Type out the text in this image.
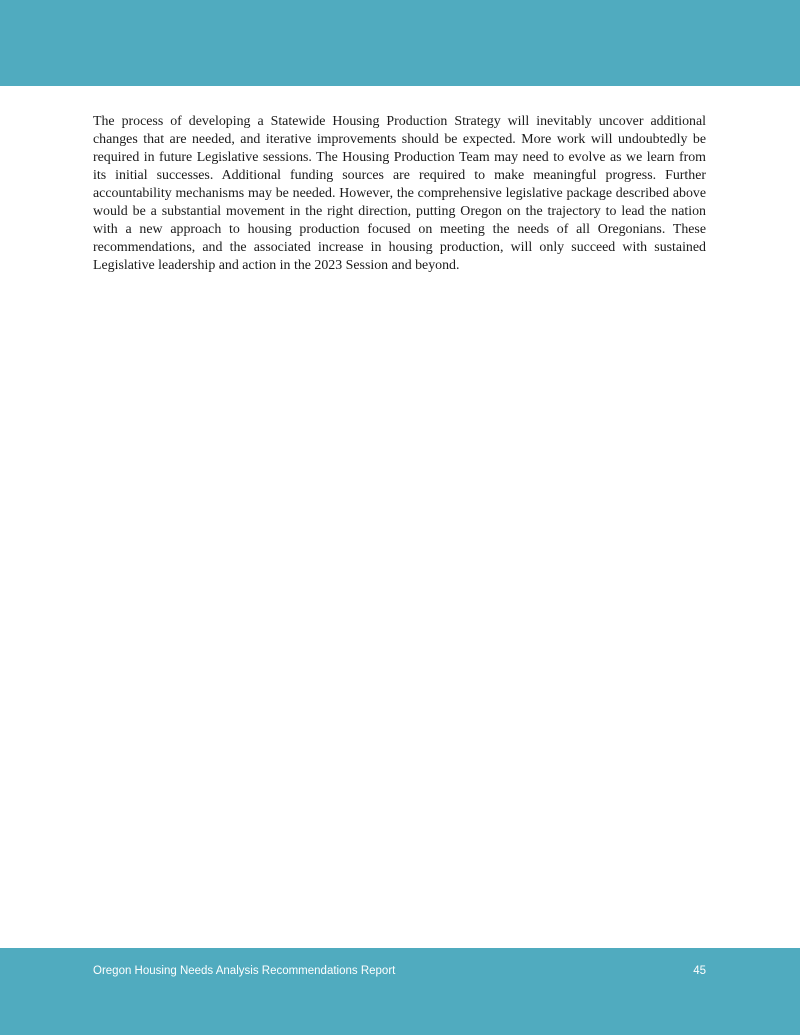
The process of developing a Statewide Housing Production Strategy will inevitably uncover additional changes that are needed, and iterative improvements should be expected. More work will undoubtedly be required in future Legislative sessions. The Housing Production Team may need to evolve as we learn from its initial successes. Additional funding sources are required to make meaningful progress. Further accountability mechanisms may be needed. However, the comprehensive legislative package described above would be a substantial movement in the right direction, putting Oregon on the trajectory to lead the nation with a new approach to housing production focused on meeting the needs of all Oregonians. These recommendations, and the associated increase in housing production, will only succeed with sustained Legislative leadership and action in the 2023 Session and beyond.

Oregon Housing Needs Analysis Recommendations Report	45
